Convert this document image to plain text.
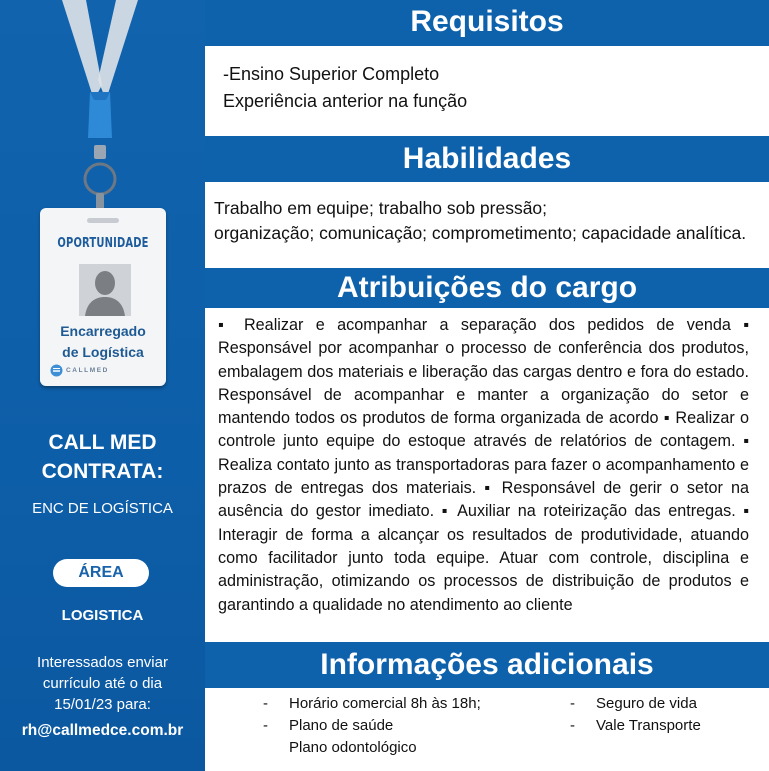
OPORTUNIDADE
Encarregado
de Logística
CALLMED
CALL MED
CONTRATA:
ENC DE LOGÍSTICA
ÁREA
LOGISTICA
Interessados enviar
currículo até o dia
15/01/23 para:
rh@callmedce.com.br
Requisitos

-Ensino Superior Completo

Experiência anterior na função

Habilidades
Trabalho em equipe; trabalho sob pressão;
organização; comunicação; comprometimento; capacidade analítica.
Atribuições do cargo
▪ Realizar e acompanhar a separação dos pedidos de venda ▪ Responsável por acompanhar o processo de conferência dos produtos, embalagem dos materiais e liberação das cargas dentro e fora do estado. Responsável de acompanhar e manter a organização do setor e mantendo todos os produtos de forma organizada de acordo ▪ Realizar o controle junto equipe do estoque através de relatórios de contagem. ▪ Realiza contato junto as transportadoras para fazer o acompanhamento e prazos de entregas dos materiais. ▪ Responsável de gerir o setor na ausência do gestor imediato. ▪ Auxiliar na roteirização das entregas. ▪ Interagir de forma a alcançar os resultados de produtividade, atuando como facilitador junto toda equipe. Atuar com controle, disciplina e administração, otimizando os processos de distribuição de produtos e garantindo a qualidade no atendimento ao cliente
Informações adicionais
- Horário comercial 8h às 18h;
- Plano de saúde
Plano odontológico
- Seguro de vida
- Vale Transporte
